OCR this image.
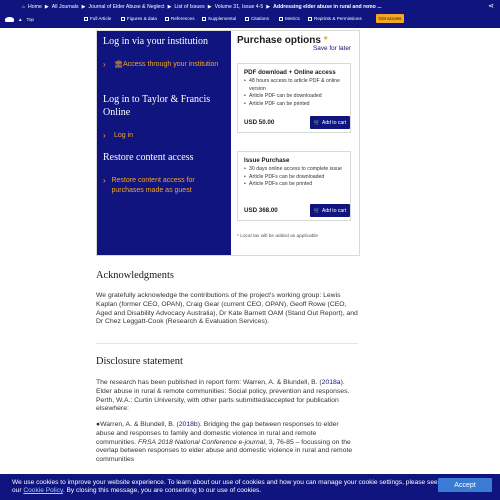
⌂ Home ▶ All Journals ▶ Journal of Elder Abuse & Neglect ▶ List of Issues ▶ Volume 31, Issue 4-5 ▶ Addressing elder abuse in rural and remo ...	⋖
▲ Top	Full Article	Figures & data	References	Supplemental	Citations	Metrics	Reprints & Permissions	Get access
Log in via your institution
›	🏛Access through your institution
Log in to Taylor & Francis Online
›	Log in
Restore content access
› Restore content access for purchases made as guest
Purchase options *
Save for later
PDF download + Online access
• 48 hours access to article PDF & online version
• Article PDF can be downloaded
• Article PDF can be printed
USD 50.00	🛒 Add to cart
Issue Purchase
• 30 days online access to complete issue
• Article PDFs can be downloaded
• Article PDFs can be printed
USD 368.00	🛒 Add to cart
* Local tax will be added as applicable
Acknowledgments
We gratefully acknowledge the contributions of the project's working group: Lewis Kaplan (former CEO, OPAN), Craig Gear (current CEO, OPAN), Geoff Rowe (CEO, Aged and Disability Advocacy Australia), Dr Kate Barnett OAM (Stand Out Report), and Dr Chez Leggatt-Cook (Research & Evaluation Services).
Disclosure statement
The research has been published in report form: Warren, A. & Blundell, B. (2018a). Elder abuse in rural & remote communities: Social policy, prevention and responses. Perth, W.A.: Curtin University, with other parts submitted/accepted for publication elsewhere:
●Warren, A. & Blundell, B. (2018b). Bridging the gap between responses to elder abuse and responses to family and domestic violence in rural and remote communities. FRSA 2018 National Conference e-journal, 3, 76-85 – focussing on the overlap between responses to elder abuse and domestic violence in rural and remote communities
We use cookies to improve your website experience. To learn about our use of cookies and how you can manage your cookie settings, please see our Cookie Policy. By closing this message, you are consenting to our use of cookies.
Accept
